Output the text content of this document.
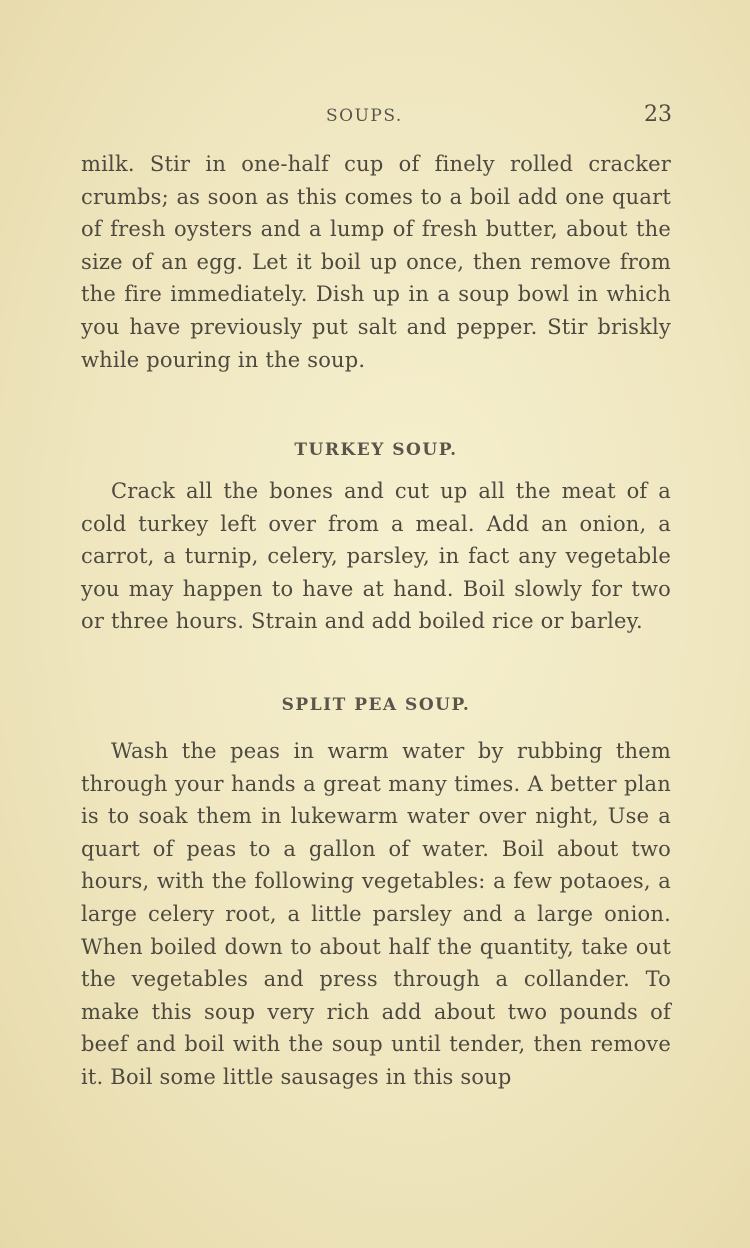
SOUPS.	23

milk. Stir in one-half cup of finely rolled cracker crumbs; as soon as this comes to a boil add one quart of fresh oysters and a lump of fresh butter, about the size of an egg. Let it boil up once, then remove from the fire immediately. Dish up in a soup bowl in which you have previously put salt and pepper. Stir briskly while pouring in the soup.

TURKEY SOUP.

Crack all the bones and cut up all the meat of a cold turkey left over from a meal. Add an onion, a carrot, a turnip, celery, parsley, in fact any vegetable you may happen to have at hand. Boil slowly for two or three hours. Strain and add boiled rice or barley.

SPLIT PEA SOUP.

Wash the peas in warm water by rubbing them through your hands a great many times. A better plan is to soak them in lukewarm water over night, Use a quart of peas to a gallon of water. Boil about two hours, with the following vegetables: a few potaoes, a large celery root, a little parsley and a large onion. When boiled down to about half the quantity, take out the vegetables and press through a collander. To make this soup very rich add about two pounds of beef and boil with the soup until tender, then remove it. Boil some little sausages in this soup
